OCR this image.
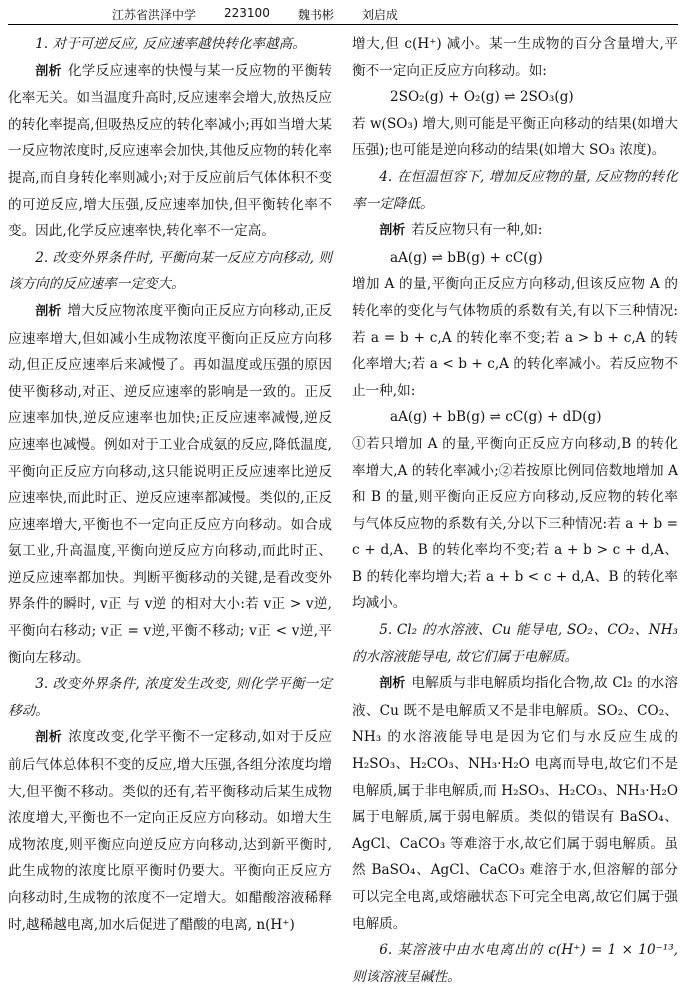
江苏省洪泽中学 223100 魏书彬 刘启成

1. 对于可逆反应, 反应速率越快转化率越高。

剖析 化学反应速率的快慢与某一反应物的平衡转化率无关。如当温度升高时,反应速率会增大,放热反应的转化率提高,但吸热反应的转化率减小;再如当增大某一反应物浓度时,反应速率会加快,其他反应物的转化率提高,而自身转化率则减小;对于反应前后气体体积不变的可逆反应,增大压强,反应速率加快,但平衡转化率不变。因此,化学反应速率快,转化率不一定高。

2. 改变外界条件时, 平衡向某一反应方向移动, 则该方向的反应速率一定变大。

剖析 增大反应物浓度平衡向正反应方向移动,正反应速率增大,但如减小生成物浓度平衡向正反应方向移动,但正反应速率后来减慢了。再如温度或压强的原因使平衡移动,对正、逆反应速率的影响是一致的。正反应速率加快,逆反应速率也加快;正反应速率减慢,逆反应速率也减慢。例如对于工业合成氨的反应,降低温度,平衡向正反应方向移动,这只能说明正反应速率比逆反应速率快,而此时正、逆反应速率都减慢。类似的,正反应速率增大,平衡也不一定向正反应方向移动。如合成氨工业,升高温度,平衡向逆反应方向移动,而此时正、逆反应速率都加快。判断平衡移动的关键,是看改变外界条件的瞬时, v正 与 v逆 的相对大小:若 v正 > v逆,平衡向右移动; v正 = v逆,平衡不移动; v正 < v逆,平衡向左移动。

3. 改变外界条件, 浓度发生改变, 则化学平衡一定移动。

剖析 浓度改变,化学平衡不一定移动,如对于反应前后气体总体积不变的反应,增大压强,各组分浓度均增大,但平衡不移动。类似的还有,若平衡移动后某生成物浓度增大,平衡也不一定向正反应方向移动。如增大生成物浓度,则平衡应向逆反应方向移动,达到新平衡时,此生成物的浓度比原平衡时仍要大。平衡向正反应方向移动时,生成物的浓度不一定增大。如醋酸溶液稀释时,越稀越电离,加水后促进了醋酸的电离, n(H⁺)

增大,但 c(H⁺) 减小。某一生成物的百分含量增大,平衡不一定向正反应方向移动。如:

2SO₂(g) + O₂(g) ⇌ 2SO₃(g)

若 w(SO₃) 增大,则可能是平衡正向移动的结果(如增大压强);也可能是逆向移动的结果(如增大 SO₃ 浓度)。

4. 在恒温恒容下, 增加反应物的量, 反应物的转化率一定降低。

剖析 若反应物只有一种,如:

aA(g) ⇌ bB(g) + cC(g)

增加 A 的量,平衡向正反应方向移动,但该反应物 A 的转化率的变化与气体物质的系数有关,有以下三种情况:若 a = b + c,A 的转化率不变;若 a > b + c,A 的转化率增大;若 a < b + c,A 的转化率减小。若反应物不止一种,如:

aA(g) + bB(g) ⇌ cC(g) + dD(g)

①若只增加 A 的量,平衡向正反应方向移动,B 的转化率增大,A 的转化率减小;②若按原比例同倍数地增加 A 和 B 的量,则平衡向正反应方向移动,反应物的转化率与气体反应物的系数有关,分以下三种情况:若 a + b = c + d,A、B 的转化率均不变;若 a + b > c + d,A、B 的转化率均增大;若 a + b < c + d,A、B 的转化率均减小。

5. Cl₂ 的水溶液、Cu 能导电, SO₂、CO₂、NH₃ 的水溶液能导电, 故它们属于电解质。

剖析 电解质与非电解质均指化合物,故 Cl₂ 的水溶液、Cu 既不是电解质又不是非电解质。SO₂、CO₂、NH₃ 的水溶液能导电是因为它们与水反应生成的 H₂SO₃、H₂CO₃、NH₃·H₂O 电离而导电,故它们不是电解质,属于非电解质,而 H₂SO₃、H₂CO₃、NH₃·H₂O 属于电解质,属于弱电解质。类似的错误有 BaSO₄、AgCl、CaCO₃ 等难溶于水,故它们属于弱电解质。虽然 BaSO₄、AgCl、CaCO₃ 难溶于水,但溶解的部分可以完全电离,或熔融状态下可完全电离,故它们属于强电解质。

6. 某溶液中由水电离出的 c(H⁺) = 1 × 10⁻¹³, 则该溶液呈碱性。
